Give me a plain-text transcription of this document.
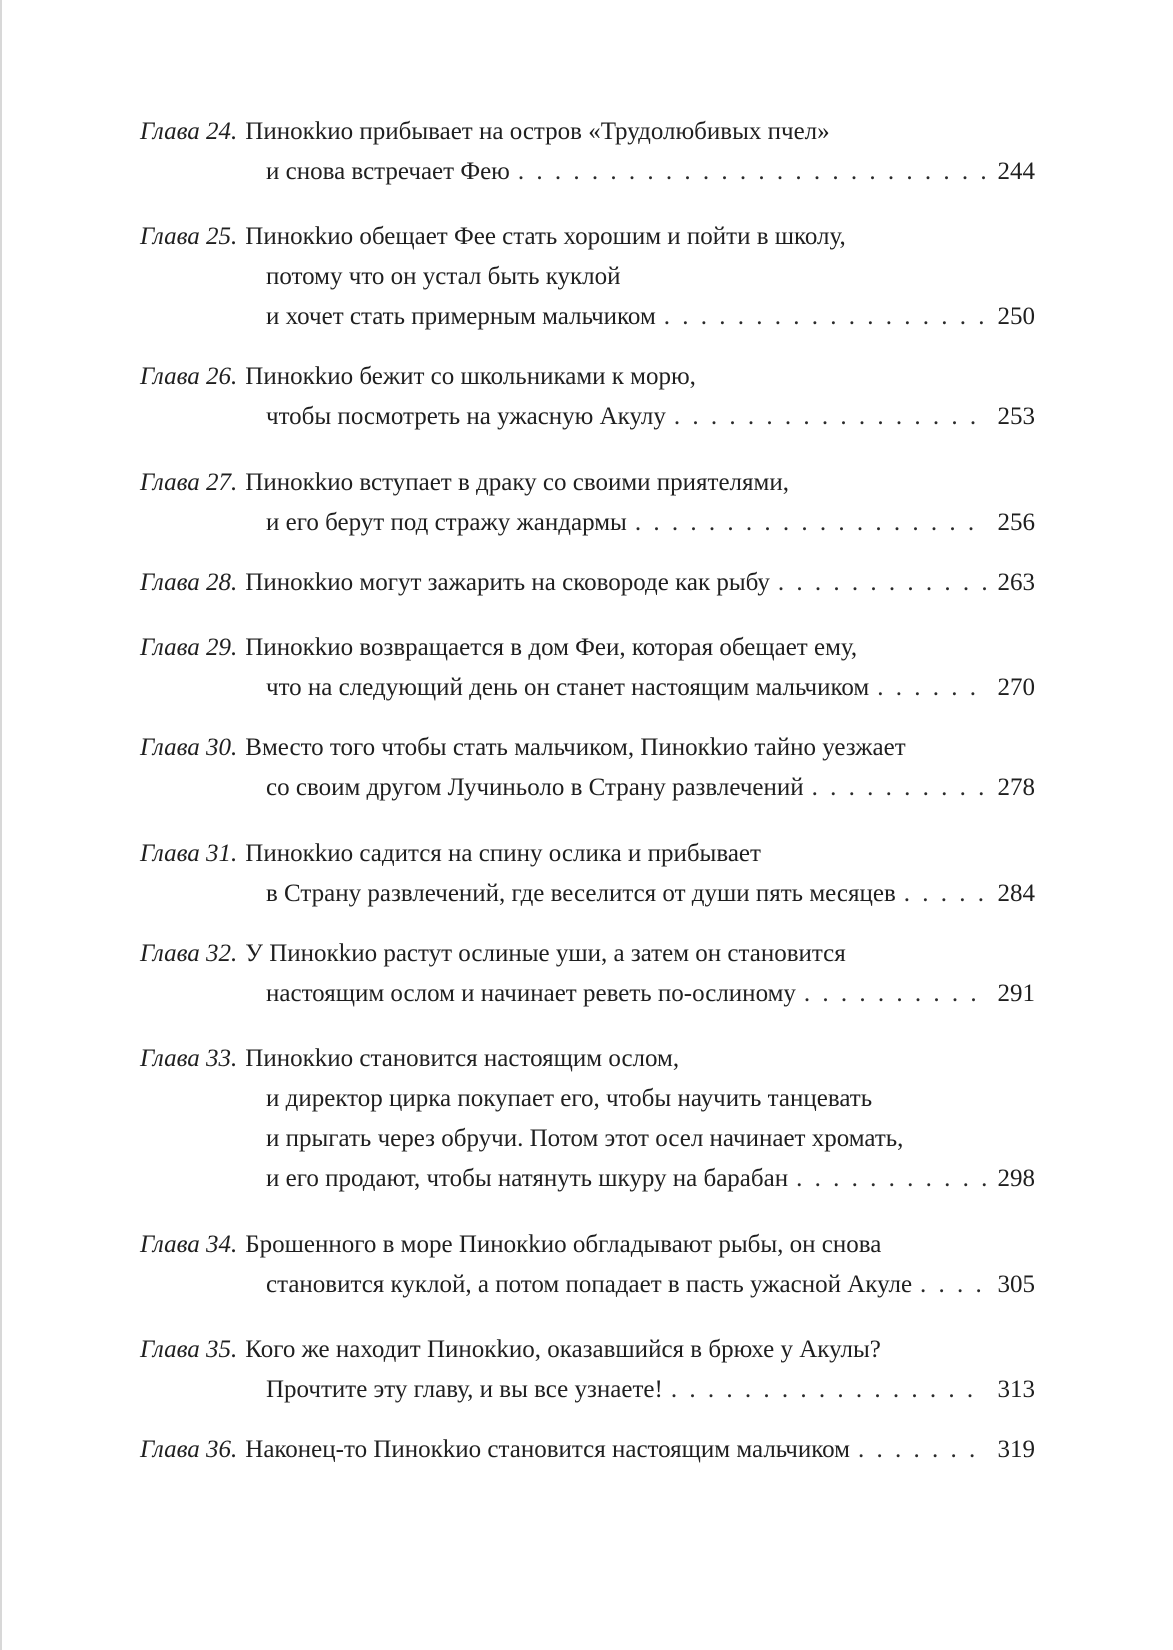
Глава 24. Пинокkио прибывает на остров «Трудолюбивых пчел»
и снова встречает Фею . . .	244
Глава 25. Пинокkио обещает Фее стать хорошим и пойти в школу,
потому что он устал быть куклой
и хочет стать примерным мальчиком . . .	250
Глава 26. Пинокkио бежит со школьниками к морю,
чтобы посмотреть на ужасную Акулу . . .	253
Глава 27. Пинокkио вступает в драку со своими приятелями,
и его берут под стражу жандармы . . .	256
Глава 28. Пинокkио могут зажарить на сковороде как рыбу . . .	263
Глава 29. Пинокkио возвращается в дом Феи, которая обещает ему,
что на следующий день он станет настоящим мальчиком . . .	270
Глава 30. Вместо того чтобы стать мальчиком, Пинокkио тайно уезжает
со своим другом Лучиньоло в Страну развлечений . . .	278
Глава 31. Пинокkио садится на спину ослика и прибывает
в Страну развлечений, где веселится от души пять месяцев . . .	284
Глава 32. У Пинокkио растут ослиные уши, а затем он становится
настоящим ослом и начинает реветь по-ослиному . . .	291
Глава 33. Пинокkио становится настоящим ослом,
и директор цирка покупает его, чтобы научить танцевать
и прыгать через обручи. Потом этот осел начинает хромать,
и его продают, чтобы натянуть шкуру на барабан . . .	298
Глава 34. Брошенного в море Пинокkио обгладывают рыбы, он снова
становится куклой, а потом попадает в пасть ужасной Акуле . . .	305
Глава 35. Кого же находит Пинокkио, оказавшийся в брюхе у Акулы?
Прочтите эту главу, и вы все узнаете! . . .	313
Глава 36. Наконец-то Пинокkио становится настоящим мальчиком . . .	319
